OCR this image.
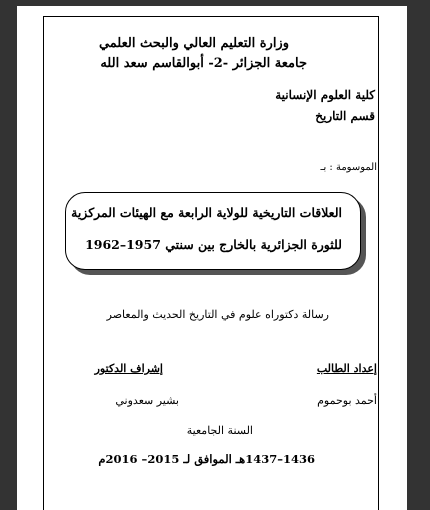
وزارة التعليم العالي والبحث العلمي
جامعة الجزائر -2- أبوالقاسم سعد الله
كلية العلوم الإنسانية
قسم التاريخ
الموسومة : بـ
العلاقات التاريخية للولاية الرابعة مع الهيئات المركزية
للثورة الجزائرية بالخارج بين سنتي 1957–1962
رسالة دكتوراه علوم في التاريخ الحديث والمعاصر
إعداد الطالب
إشراف الدكتور
أحمد بوحموم
بشير سعدوني
السنة الجامعية
1436–1437هـ الموافق لـ 2015– 2016م
